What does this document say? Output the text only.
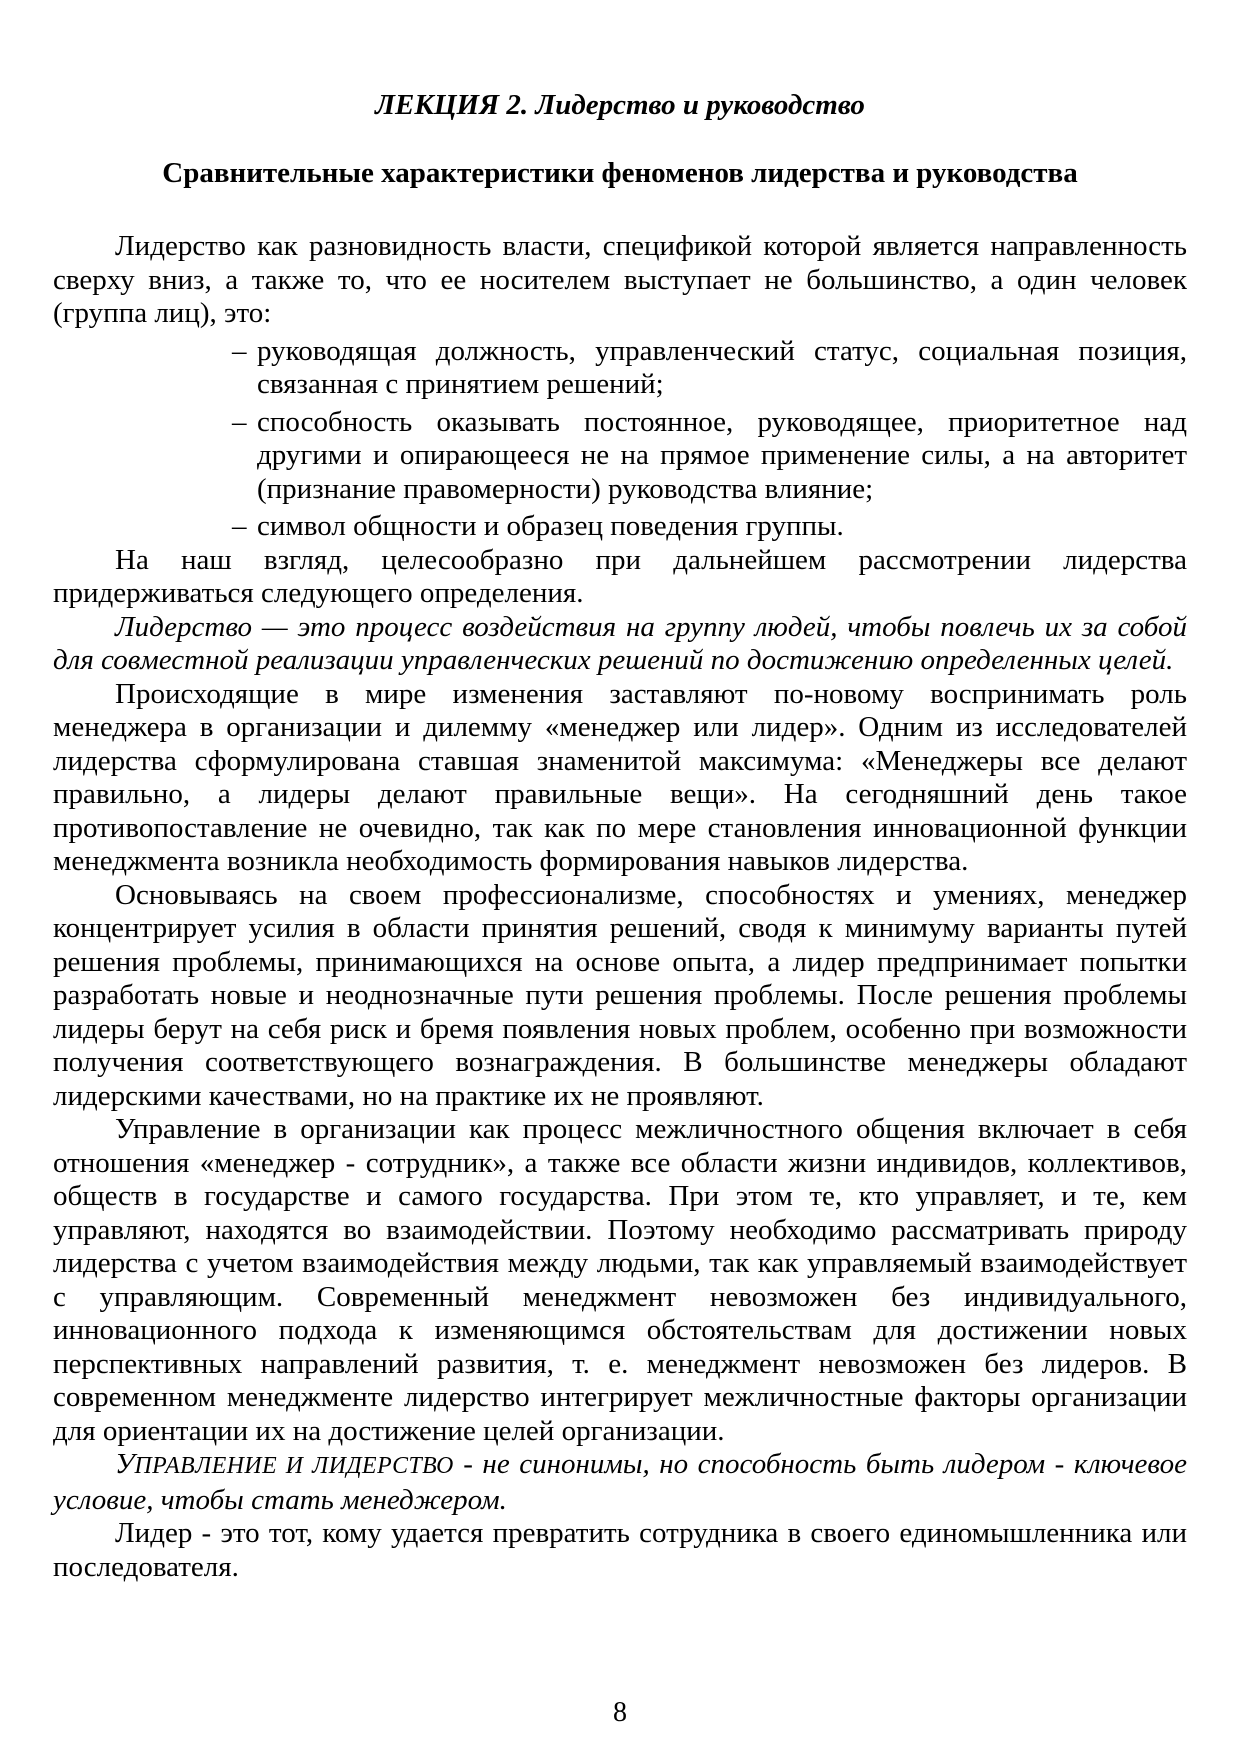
ЛЕКЦИЯ 2. Лидерство и руководство
Сравнительные характеристики феноменов лидерства и руководства

Лидерство как разновидность власти, спецификой которой является направленность сверху вниз, а также то, что ее носителем выступает не большинство, а один человек (группа лиц), это:

– руководящая должность, управленческий статус, социальная позиция, связанная с принятием решений;
– способность оказывать постоянное, руководящее, приоритетное над другими и опирающееся не на прямое применение силы, а на авторитет (признание правомерности) руководства влияние;
– символ общности и образец поведения группы.

На наш взгляд, целесообразно при дальнейшем рассмотрении лидерства придерживаться следующего определения.

Лидерство — это процесс воздействия на группу людей, чтобы повлечь их за собой для совместной реализации управленческих решений по достижению определенных целей.

Происходящие в мире изменения заставляют по-новому воспринимать роль менеджера в организации и дилемму «менеджер или лидер». Одним из исследователей лидерства сформулирована ставшая знаменитой максимума: «Менеджеры все делают правильно, а лидеры делают правильные вещи». На сегодняшний день такое противопоставление не очевидно, так как по мере становления инновационной функции менеджмента возникла необходимость формирования навыков лидерства.

Основываясь на своем профессионализме, способностях и умениях, менеджер концентрирует усилия в области принятия решений, сводя к минимуму варианты путей решения проблемы, принимающихся на основе опыта, а лидер предпринимает попытки разработать новые и неоднозначные пути решения проблемы. После решения проблемы лидеры берут на себя риск и бремя появления новых проблем, особенно при возможности получения соответствующего вознаграждения. В большинстве менеджеры обладают лидерскими качествами, но на практике их не проявляют.

Управление в организации как процесс межличностного общения включает в себя отношения «менеджер - сотрудник», а также все области жизни индивидов, коллективов, обществ в государстве и самого государства. При этом те, кто управляет, и те, кем управляют, находятся во взаимодействии. Поэтому необходимо рассматривать природу лидерства с учетом взаимодействия между людьми, так как управляемый взаимодействует с управляющим. Современный менеджмент невозможен без индивидуального, инновационного подхода к изменяющимся обстоятельствам для достижении новых перспективных направлений развития, т. е. менеджмент невозможен без лидеров. В современном менеджменте лидерство интегрирует межличностные факторы организации для ориентации их на достижение целей организации.

УПРАВЛЕНИЕ И ЛИДЕРСТВО - не синонимы, но способность быть лидером - ключевое условие, чтобы стать менеджером.

Лидер - это тот, кому удается превратить сотрудника в своего единомышленника или последователя.

8
